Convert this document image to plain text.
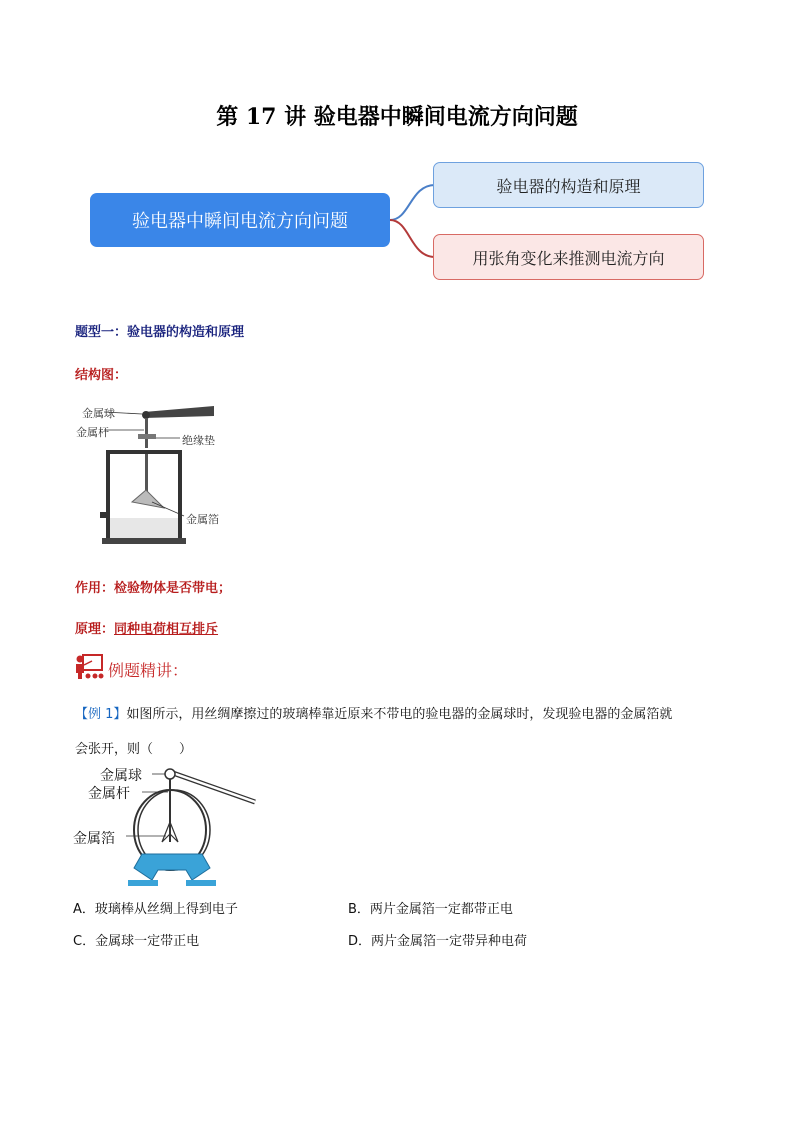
第 17 讲 验电器中瞬间电流方向问题
验电器中瞬间电流方向问题
验电器的构造和原理
用张角变化来推测电流方向
题型一：验电器的构造和原理
结构图：
金属球
金属杆
绝缘垫
金属箔
作用：检验物体是否带电；
原理：同种电荷相互排斥
例题精讲：
【例 1】如图所示，用丝绸摩擦过的玻璃棒靠近原来不带电的验电器的金属球时，发现验电器的金属箔就
会张开，则（　　）
金属球
金属杆
金属箔
A．玻璃棒从丝绸上得到电子	B．两片金属箔一定都带正电
C．金属球一定带正电	D．两片金属箔一定带异种电荷
